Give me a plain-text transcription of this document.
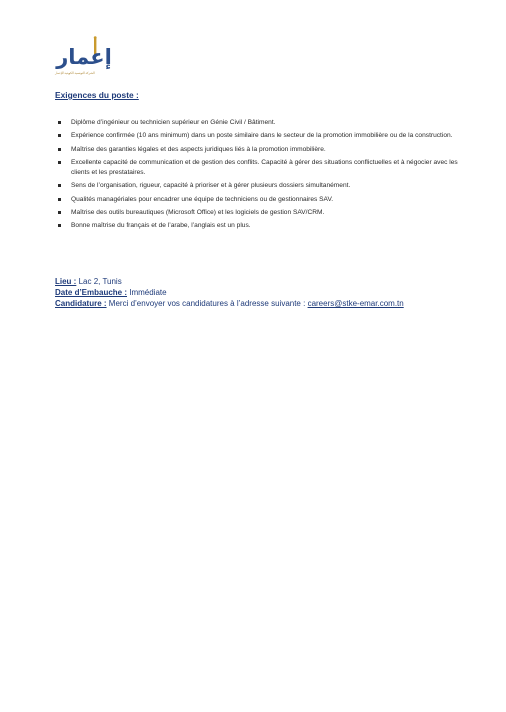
إعمار
الشركة التونسية الكويتية للإعمار

Exigences du poste :

Diplôme d’ingénieur ou technicien supérieur en Génie Civil / Bâtiment.
Expérience confirmée (10 ans minimum) dans un poste similaire dans le secteur de la promotion immobilière ou de la construction.
Maîtrise des garanties légales et des aspects juridiques liés à la promotion immobilière.
Excellente capacité de communication et de gestion des conflits. Capacité à gérer des situations conflictuelles et à négocier avec les clients et les prestataires.
Sens de l’organisation, rigueur, capacité à prioriser et à gérer plusieurs dossiers simultanément.
Qualités managériales pour encadrer une équipe de techniciens ou de gestionnaires SAV.
Maîtrise des outils bureautiques (Microsoft Office) et les logiciels de gestion SAV/CRM.
Bonne maîtrise du français et de l’arabe, l’anglais est un plus.

Lieu : Lac 2, Tunis

Date d’Embauche : Immédiate

Candidature : Merci d’envoyer vos candidatures à l’adresse suivante : careers@stke-emar.com.tn
